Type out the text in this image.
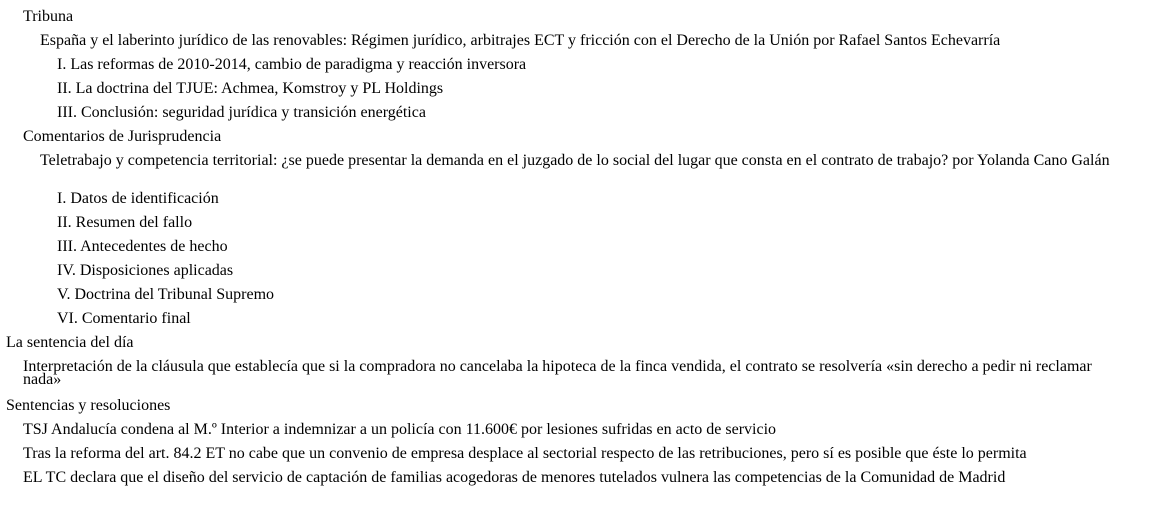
Tribuna
España y el laberinto jurídico de las renovables: Régimen jurídico, arbitrajes ECT y fricción con el Derecho de la Unión por Rafael Santos Echevarría
I. Las reformas de 2010-2014, cambio de paradigma y reacción inversora
II. La doctrina del TJUE: Achmea, Komstroy y PL Holdings
III. Conclusión: seguridad jurídica y transición energética
Comentarios de Jurisprudencia
Teletrabajo y competencia territorial: ¿se puede presentar la demanda en el juzgado de lo social del lugar que consta en el contrato de trabajo? por Yolanda Cano Galán
I. Datos de identificación
II. Resumen del fallo
III. Antecedentes de hecho
IV. Disposiciones aplicadas
V. Doctrina del Tribunal Supremo
VI. Comentario final
La sentencia del día
Interpretación de la cláusula que establecía que si la compradora no cancelaba la hipoteca de la finca vendida, el contrato se resolvería «sin derecho a pedir ni reclamar nada»
Sentencias y resoluciones
TSJ Andalucía condena al M.º Interior a indemnizar a un policía con 11.600€ por lesiones sufridas en acto de servicio
Tras la reforma del art. 84.2 ET no cabe que un convenio de empresa desplace al sectorial respecto de las retribuciones, pero sí es posible que éste lo permita
EL TC declara que el diseño del servicio de captación de familias acogedoras de menores tutelados vulnera las competencias de la Comunidad de Madrid
